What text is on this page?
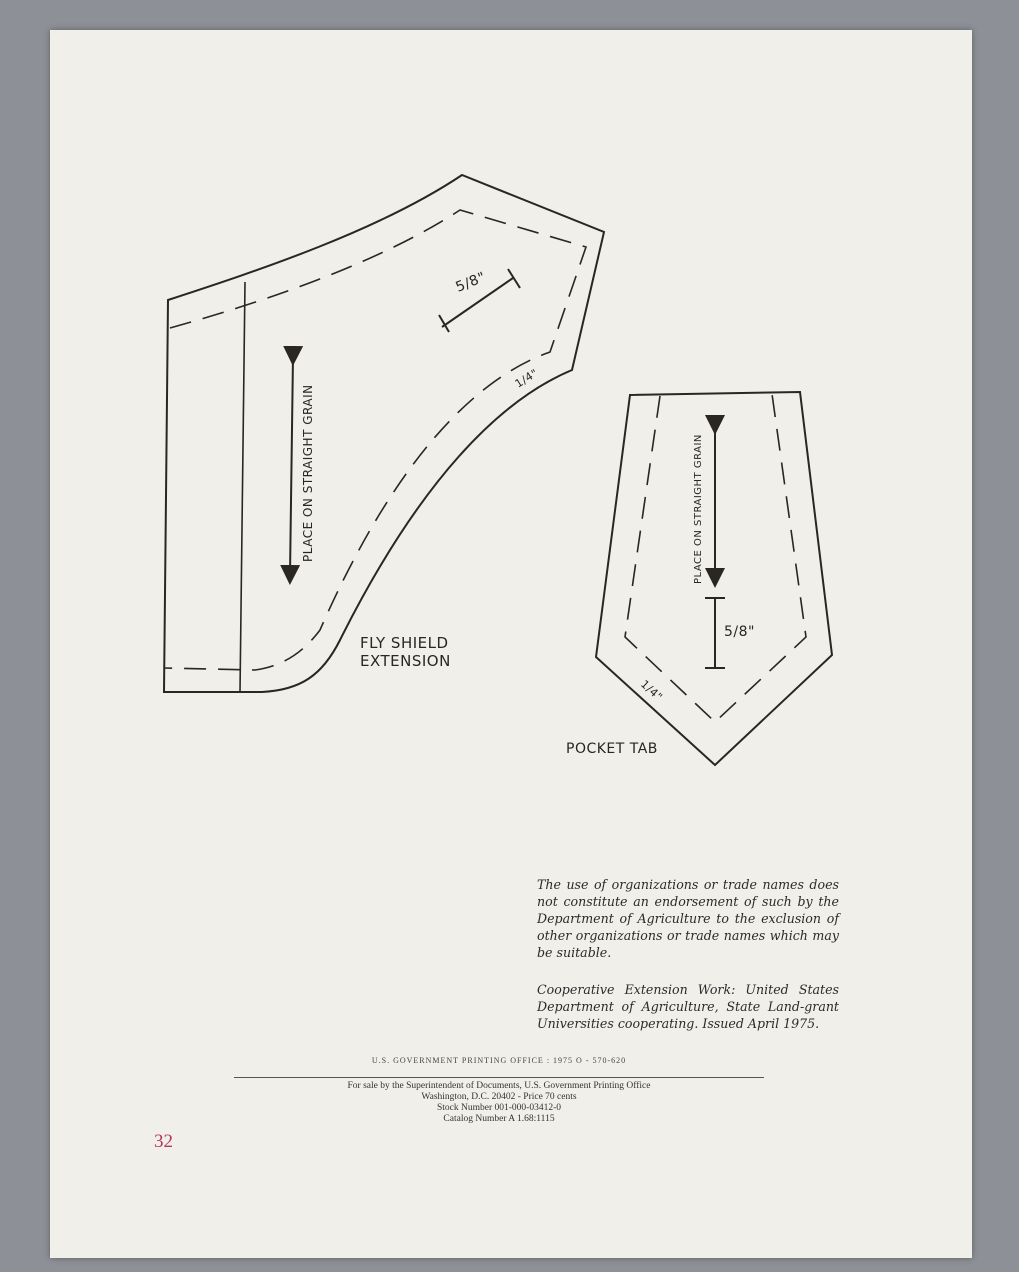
PLACE ON STRAIGHT GRAIN
5/8"
1/4"
FLY SHIELD
EXTENSION
PLACE ON STRAIGHT GRAIN
5/8"
1/4"
POCKET TAB

The use of organizations or trade names does not constitute an endorsement of such by the Department of Agriculture to the exclusion of other organizations or trade names which may be suitable.

Cooperative Extension Work: United States Department of Agriculture, State Land-grant Universities cooperating. Issued April 1975.

U.S. GOVERNMENT PRINTING OFFICE : 1975 O - 570-620
For sale by the Superintendent of Documents, U.S. Government Printing Office
Washington, D.C. 20402 - Price 70 cents
Stock Number 001-000-03412-0
Catalog Number A 1.68:1115
32
